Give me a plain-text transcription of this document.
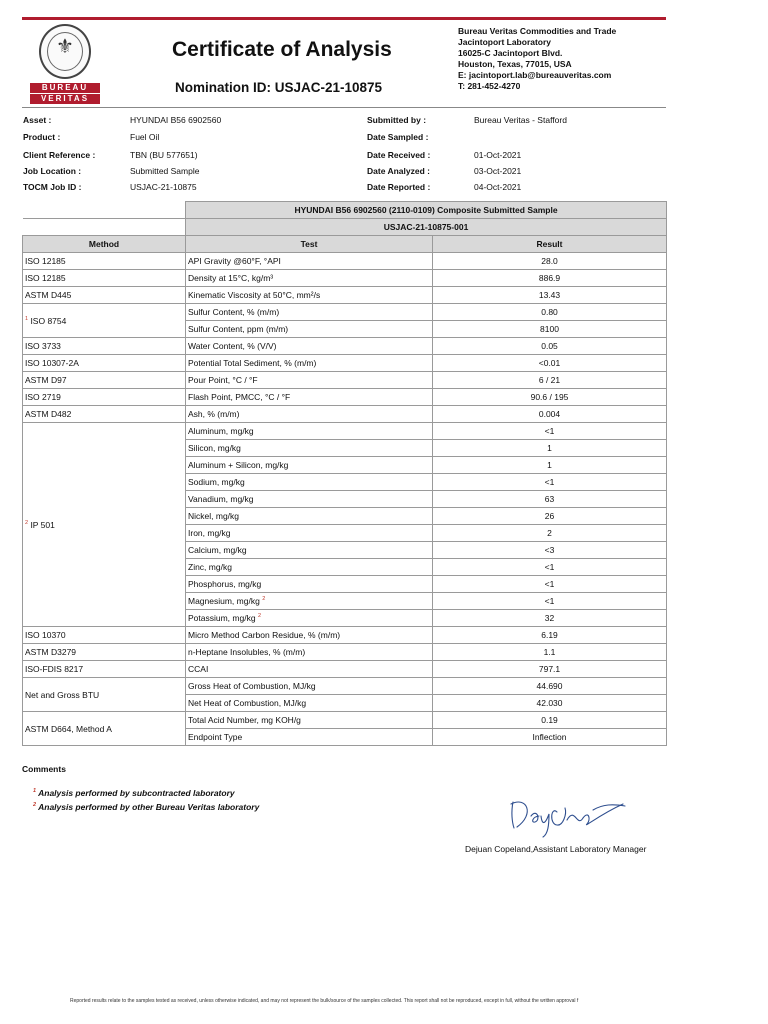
⚜
BUREAU
VERITAS
Certificate of Analysis
Nomination ID: USJAC-21-10875
Bureau Veritas Commodities and Trade
Jacintoport Laboratory
16025-C Jacintoport Blvd.
Houston, Texas, 77015, USA
E: jacintoport.lab@bureauveritas.com
T: 281-452-4270
Asset :	HYUNDAI B56 6902560
Product :	Fuel Oil
Client Reference :	TBN (BU 577651)
Job Location :	Submitted Sample
TOCM Job ID :	USJAC-21-10875
Submitted by :	Bureau Veritas - Stafford
Date Sampled :
Date Received :	01-Oct-2021
Date Analyzed :	03-Oct-2021
Date Reported :	04-Oct-2021
	HYUNDAI B56 6902560 (2110-0109) Composite Submitted Sample	
	USJAC-21-10875-001	
Method	Test	Result
ISO 12185	API Gravity @60°F, °API	28.0
ISO 12185	Density at 15°C, kg/m³	886.9
ASTM D445	Kinematic Viscosity at 50°C, mm²/s	13.43
$^1$ ISO 8754	Sulfur Content, % (m/m)	0.80
	Sulfur Content, ppm (m/m)	8100
ISO 3733	Water Content, % (V/V)	0.05
ISO 10307-2A	Potential Total Sediment, % (m/m)	<0.01
ASTM D97	Pour Point, °C / °F	6 / 21
ISO 2719	Flash Point, PMCC, °C / °F	90.6 / 195
ASTM D482	Ash, % (m/m)	0.004
$^2$ IP 501	Aluminum, mg/kg	<1
	Silicon, mg/kg	1
	Aluminum + Silicon, mg/kg	1
	Sodium, mg/kg	<1
	Vanadium, mg/kg	63
	Nickel, mg/kg	26
	Iron, mg/kg	2
	Calcium, mg/kg	<3
	Zinc, mg/kg	<1
	Phosphorus, mg/kg	<1
	Magnesium, mg/kg $^2$	<1
	Potassium, mg/kg $^2$	32
ISO 10370	Micro Method Carbon Residue, % (m/m)	6.19
ASTM D3279	n-Heptane Insolubles, % (m/m)	1.1
ISO-FDIS 8217	CCAI	797.1
Net and Gross BTU	Gross Heat of Combustion, MJ/kg	44.690
	Net Heat of Combustion, MJ/kg	42.030
ASTM D664, Method A	Total Acid Number, mg KOH/g	0.19
	Endpoint Type	Inflection
Comments
$^1$ Analysis performed by subcontracted laboratory
$^2$ Analysis performed by other Bureau Veritas laboratory
Dejuan Copeland,Assistant Laboratory Manager
Reported results relate to the samples tested as received, unless otherwise indicated, and may not represent the bulk/source of the samples collected. This report shall not be reproduced, except in full, without the written approval f
